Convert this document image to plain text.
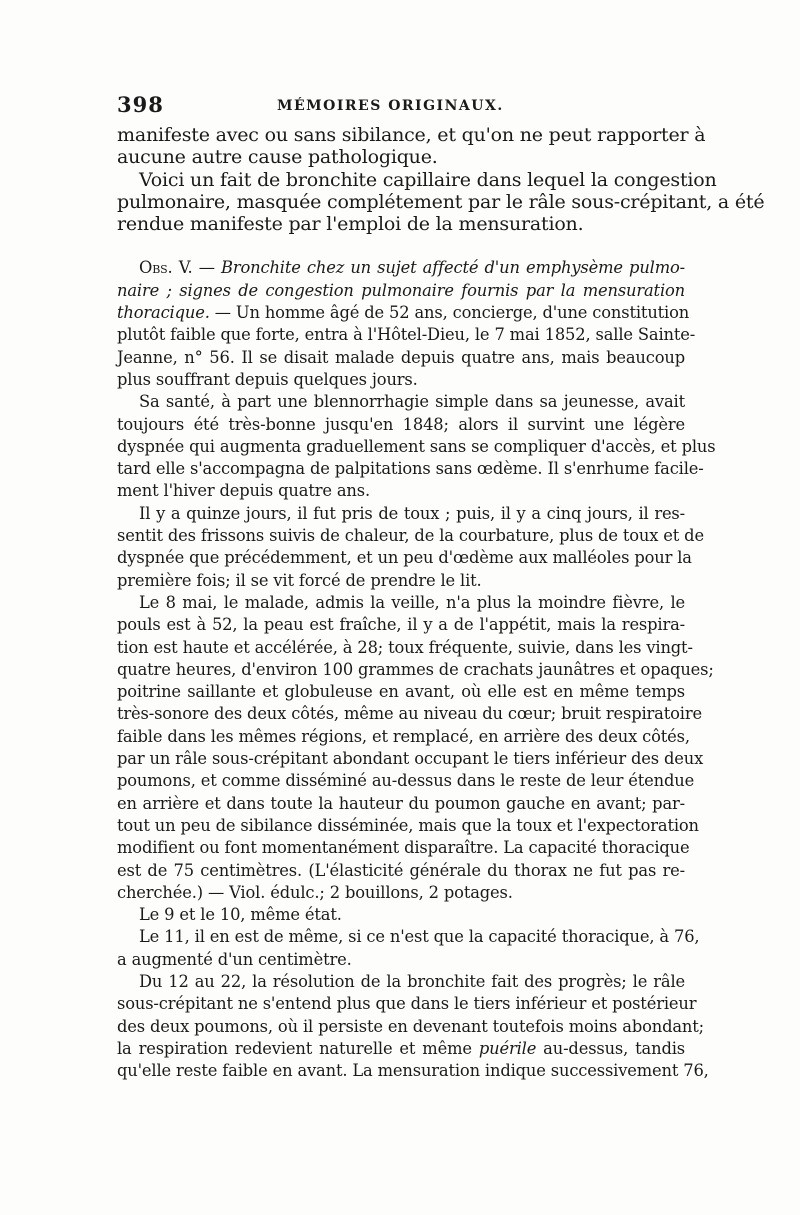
398	MÉMOIRES ORIGINAUX.
manifeste avec ou sans sibilance, et qu'on ne peut rapporter à
aucune autre cause pathologique.
Voici un fait de bronchite capillaire dans lequel la congestion
pulmonaire, masquée complétement par le râle sous-crépitant, a été
rendue manifeste par l'emploi de la mensuration.
Obs. V. — Bronchite chez un sujet affecté d'un emphysème pulmo-
naire ; signes de congestion pulmonaire fournis par la mensuration
thoracique. — Un homme âgé de 52 ans, concierge, d'une constitution
plutôt faible que forte, entra à l'Hôtel-Dieu, le 7 mai 1852, salle Sainte-
Jeanne, n° 56. Il se disait malade depuis quatre ans, mais beaucoup
plus souffrant depuis quelques jours.
Sa santé, à part une blennorrhagie simple dans sa jeunesse, avait
toujours été très-bonne jusqu'en 1848; alors il survint une légère
dyspnée qui augmenta graduellement sans se compliquer d'accès, et plus
tard elle s'accompagna de palpitations sans œdème. Il s'enrhume facile-
ment l'hiver depuis quatre ans.
Il y a quinze jours, il fut pris de toux ; puis, il y a cinq jours, il res-
sentit des frissons suivis de chaleur, de la courbature, plus de toux et de
dyspnée que précédemment, et un peu d'œdème aux malléoles pour la
première fois; il se vit forcé de prendre le lit.
Le 8 mai, le malade, admis la veille, n'a plus la moindre fièvre, le
pouls est à 52, la peau est fraîche, il y a de l'appétit, mais la respira-
tion est haute et accélérée, à 28; toux fréquente, suivie, dans les vingt-
quatre heures, d'environ 100 grammes de crachats jaunâtres et opaques;
poitrine saillante et globuleuse en avant, où elle est en même temps
très-sonore des deux côtés, même au niveau du cœur; bruit respiratoire
faible dans les mêmes régions, et remplacé, en arrière des deux côtés,
par un râle sous-crépitant abondant occupant le tiers inférieur des deux
poumons, et comme disséminé au-dessus dans le reste de leur étendue
en arrière et dans toute la hauteur du poumon gauche en avant; par-
tout un peu de sibilance disséminée, mais que la toux et l'expectoration
modifient ou font momentanément disparaître. La capacité thoracique
est de 75 centimètres. (L'élasticité générale du thorax ne fut pas re-
cherchée.) — Viol. édulc.; 2 bouillons, 2 potages.
Le 9 et le 10, même état.
Le 11, il en est de même, si ce n'est que la capacité thoracique, à 76,
a augmenté d'un centimètre.
Du 12 au 22, la résolution de la bronchite fait des progrès; le râle
sous-crépitant ne s'entend plus que dans le tiers inférieur et postérieur
des deux poumons, où il persiste en devenant toutefois moins abondant;
la respiration redevient naturelle et même puérile au-dessus, tandis
qu'elle reste faible en avant. La mensuration indique successivement 76,
